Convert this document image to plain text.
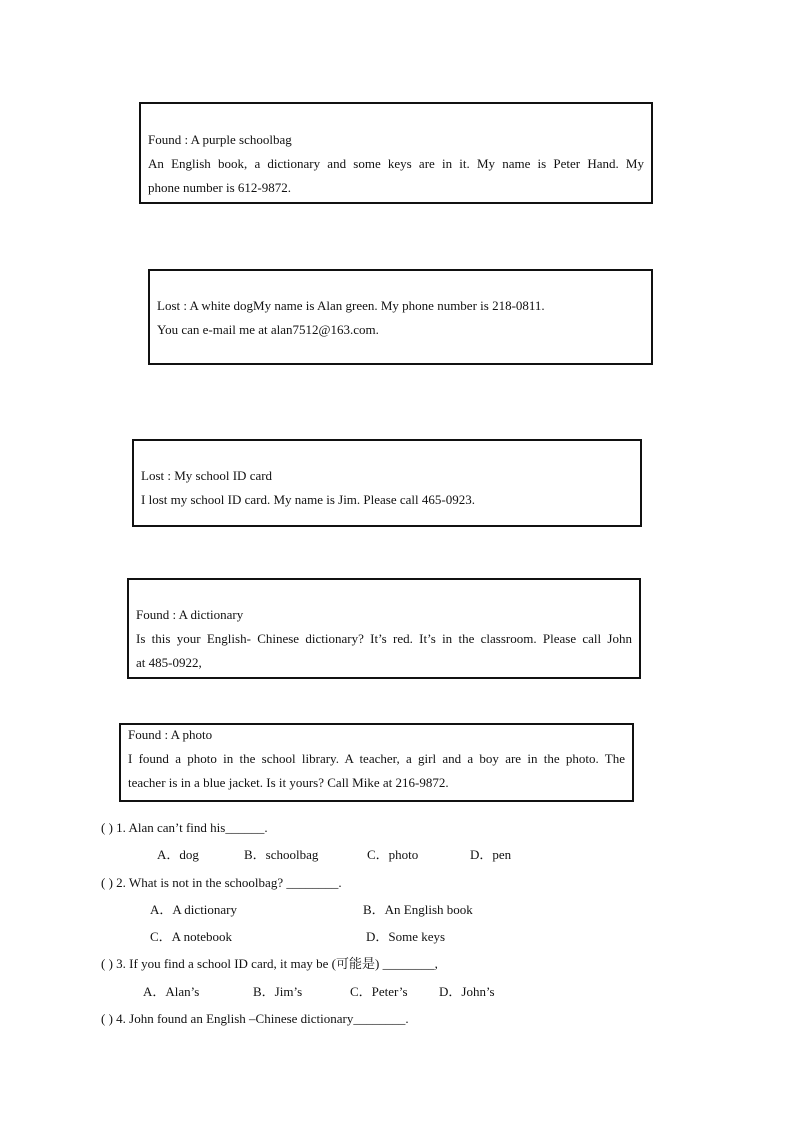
Found : A purple schoolbag
An English book, a dictionary and some keys are in it. My name is Peter Hand. My
phone number is 612-9872.
Lost : A white dogMy name is Alan green. My phone number is 218-0811.
You can e-mail me at alan7512@163.com.
Lost : My school ID card
I lost my school ID card. My name is Jim. Please call 465-0923.
Found : A dictionary
Is this your English- Chinese dictionary? It’s red. It’s in the classroom. Please call John
at 485-0922,
Found : A photo
I found a photo in the school library. A teacher, a girl and a boy are in the photo. The
teacher is in a blue jacket. Is it yours? Call Mike at 216-9872.
( ) 1. Alan can’t find his______.
A．dog	B．schoolbag	C．photo	D．pen
( ) 2. What is not in the schoolbag? ________.
A．A dictionary	B．An English book
C．A notebook	D．Some keys
( ) 3. If you find a school ID card, it may be (可能是) ________,
A．Alan’s	B．Jim’s	C．Peter’s D．John’s
( ) 4. John found an English –Chinese dictionary________.
